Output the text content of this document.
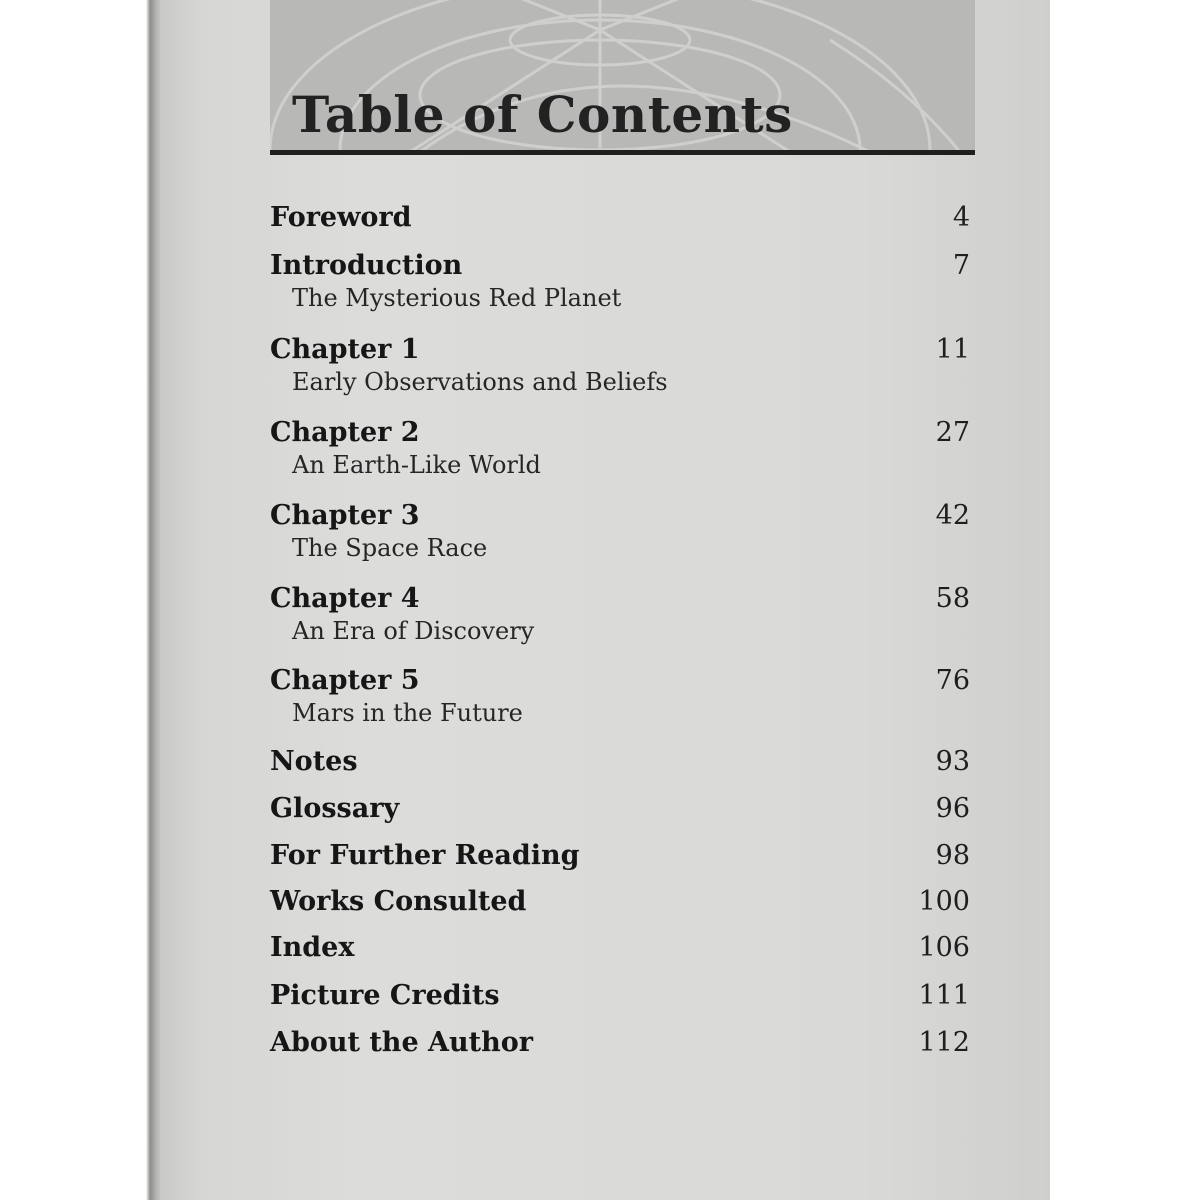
Table of Contents
Foreword	4
Introduction	7
The Mysterious Red Planet
Chapter 1	11
Early Observations and Beliefs
Chapter 2	27
An Earth-Like World
Chapter 3	42
The Space Race
Chapter 4	58
An Era of Discovery
Chapter 5	76
Mars in the Future
Notes	93
Glossary	96
For Further Reading	98
Works Consulted	100
Index	106
Picture Credits	111
About the Author	112
